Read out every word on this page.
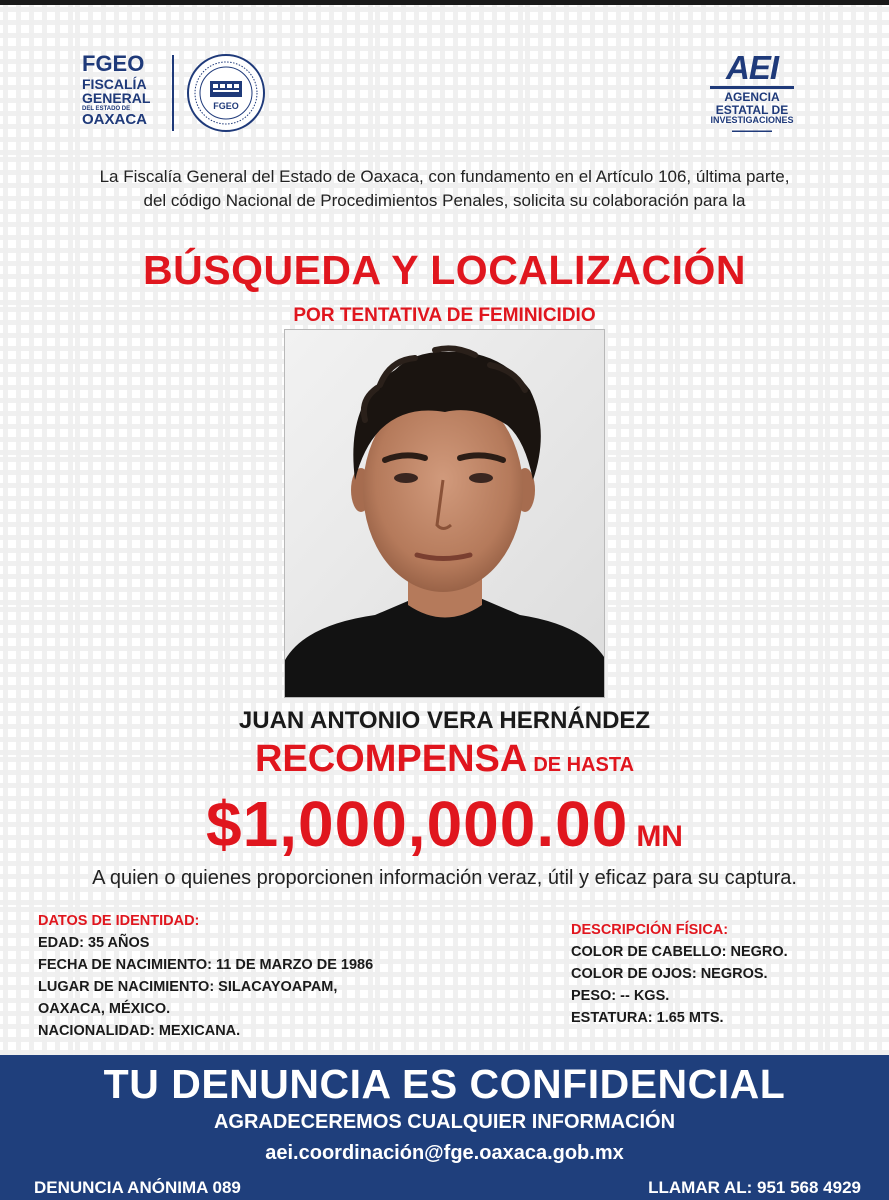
FGEO
FISCALÍA
GENERAL
DEL ESTADO DE
OAXACA
FGEO
AEI
AGENCIA
ESTATAL DE
INVESTIGACIONES
▬▬▬▬▬▬▬▬
La Fiscalía General del Estado de Oaxaca, con fundamento en el Artículo 106, última parte, del código Nacional de Procedimientos Penales, solicita su colaboración para la
BÚSQUEDA Y LOCALIZACIÓN
POR TENTATIVA DE FEMINICIDIO
JUAN ANTONIO VERA HERNÁNDEZ
RECOMPENSA DE HASTA
$1,000,000.00 MN
A quien o quienes proporcionen información veraz, útil y eficaz para su captura.
DATOS DE IDENTIDAD:
EDAD: 35 AÑOS
FECHA DE NACIMIENTO: 11 DE MARZO DE 1986
LUGAR DE NACIMIENTO: SILACAYOAPAM,
OAXACA, MÉXICO.
NACIONALIDAD: MEXICANA.
DESCRIPCIÓN FÍSICA:
COLOR DE CABELLO: NEGRO.
COLOR DE OJOS: NEGROS.
PESO: -- KGS.
ESTATURA: 1.65 MTS.
TU DENUNCIA ES CONFIDENCIAL
AGRADECEREMOS CUALQUIER INFORMACIÓN
aei.coordinación@fge.oaxaca.gob.mx
DENUNCIA ANÓNIMA 089	LLAMAR AL: 951 568 4929
